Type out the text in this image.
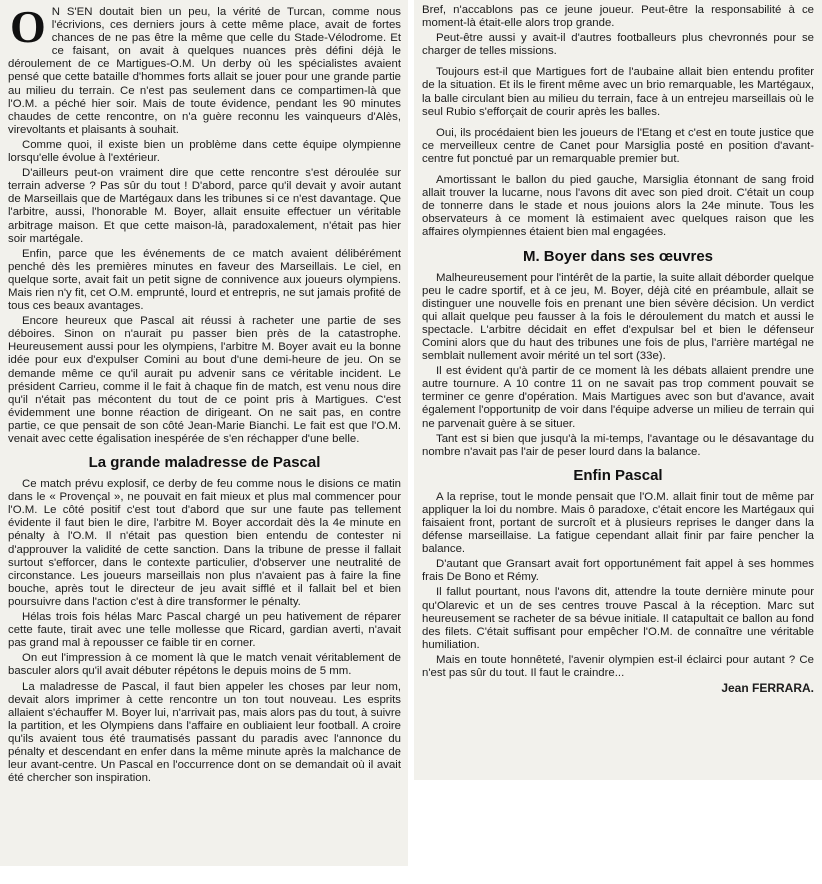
O N S'EN doutait bien un peu, la vérité de Turcan, comme nous l'écrivions, ces derniers jours à cette même place, avait de fortes chances de ne pas être la même que celle du Stade-Vélodrome. Et ce faisant, on avait à quelques nuances près défini déjà le déroulement de ce Martigues-O.M. Un derby où les spécialistes avaient pensé que cette bataille d'hommes forts allait se jouer pour une grande partie au milieu du terrain. Ce n'est pas seulement dans ce compartimen-là que l'O.M. a péché hier soir. Mais de toute évidence, pendant les 90 minutes chaudes de cette rencontre, on n'a guère reconnu les vainqueurs d'Alès, virevoltants et plaisants à souhait.

Comme quoi, il existe bien un problème dans cette équipe olympienne lorsqu'elle évolue à l'extérieur.

D'ailleurs peut-on vraiment dire que cette rencontre s'est déroulée sur terrain adverse ? Pas sûr du tout ! D'abord, parce qu'il devait y avoir autant de Marseillais que de Martégaux dans les tribunes si ce n'est davantage. Que l'arbitre, aussi, l'honorable M. Boyer, allait ensuite effectuer un véritable arbitrage maison. Et que cette maison-là, paradoxalement, n'était pas hier soir martégale.

Enfin, parce que les événements de ce match avaient délibérément penché dès les premières minutes en faveur des Marseillais. Le ciel, en quelque sorte, avait fait un petit signe de connivence aux joueurs olympiens. Mais rien n'y fit, cet O.M. emprunté, lourd et entrepris, ne sut jamais profité de tous ces beaux avantages.

Encore heureux que Pascal ait réussi à racheter une partie de ses déboires. Sinon on n'aurait pu passer bien près de la catastrophe. Heureusement aussi pour les olympiens, l'arbitre M. Boyer avait eu la bonne idée pour eux d'expulser Comini au bout d'une demi-heure de jeu. On se demande même ce qu'il aurait pu advenir sans ce véritable incident. Le président Carrieu, comme il le fait à chaque fin de match, est venu nous dire qu'il n'était pas mécontent du tout de ce point pris à Martigues. C'est évidemment une bonne réaction de dirigeant. On ne sait pas, en contre partie, ce que pensait de son côté Jean-Marie Bianchi. Le fait est que l'O.M. venait avec cette égalisation inespérée de s'en réchapper d'une belle.

La grande maladresse de Pascal

Ce match prévu explosif, ce derby de feu comme nous le disions ce matin dans le « Provençal », ne pouvait en fait mieux et plus mal commencer pour l'O.M. Le côté positif c'est tout d'abord que sur une faute pas tellement évidente il faut bien le dire, l'arbitre M. Boyer accordait dès la 4e minute en pénalty à l'O.M. Il n'était pas question bien entendu de contester ni d'approuver la validité de cette sanction. Dans la tribune de presse il fallait surtout s'efforcer, dans le contexte particulier, d'observer une neutralité de circonstance. Les joueurs marseillais non plus n'avaient pas à faire la fine bouche, après tout le directeur de jeu avait sifflé et il fallait bel et bien poursuivre dans l'action c'est à dire transformer le pénalty.

Hélas trois fois hélas Marc Pascal chargé un peu hativement de réparer cette faute, tirait avec une telle mollesse que Ricard, gardian averti, n'avait pas grand mal à repousser ce faible tir en corner.

On eut l'impression à ce moment là que le match venait véritablement de basculer alors qu'il avait débuter répétons le depuis moins de 5 mm.

La maladresse de Pascal, il faut bien appeler les choses par leur nom, devait alors imprimer à cette rencontre un ton tout nouveau. Les esprits allaient s'échauffer M. Boyer lui, n'arrivait pas, mais alors pas du tout, à suivre la partition, et les Olympiens dans l'affaire en oubliaient leur football. A croire qu'ils avaient tous été traumatisés passant du paradis avec l'annonce du pénalty et descendant en enfer dans la même minute après la malchance de leur avant-centre. Un Pascal en l'occurrence dont on se demandait où il avait été chercher son inspiration.

Bref, n'accablons pas ce jeune joueur. Peut-être la responsabilité à ce moment-là était-elle alors trop grande.

Peut-être aussi y avait-il d'autres footballeurs plus chevronnés pour se charger de telles missions.

Toujours est-il que Martigues fort de l'aubaine allait bien entendu profiter de la situation. Et ils le firent même avec un brio remarquable, les Martégaux, la balle circulant bien au milieu du terrain, face à un entrejeu marseillais où le seul Rubio s'efforçait de courir après les balles.

Oui, ils procédaient bien les joueurs de l'Etang et c'est en toute justice que ce merveilleux centre de Canet pour Marsiglia posté en position d'avant-centre fut ponctué par un remarquable premier but.

Amortissant le ballon du pied gauche, Marsiglia étonnant de sang froid allait trouver la lucarne, nous l'avons dit avec son pied droit. C'était un coup de tonnerre dans le stade et nous jouions alors la 24e minute. Tous les observateurs à ce moment là estimaient avec quelques raison que les affaires olympiennes étaient bien mal engagées.

M. Boyer dans ses œuvres

Malheureusement pour l'intérêt de la partie, la suite allait déborder quelque peu le cadre sportif, et à ce jeu, M. Boyer, déjà cité en préambule, allait se distinguer une nouvelle fois en prenant une bien sévère décision. Un verdict qui allait quelque peu fausser à la fois le déroulement du match et aussi le spectacle. L'arbitre décidait en effet d'expulsar bel et bien le défenseur Comini alors que du haut des tribunes une fois de plus, l'arrière martégal ne semblait nullement avoir mérité un tel sort (33e).

Il est évident qu'à partir de ce moment là les débats allaient prendre une autre tournure. A 10 contre 11 on ne savait pas trop comment pouvait se terminer ce genre d'opération. Mais Martigues avec son but d'avance, avait également l'opportunitp de voir dans l'équipe adverse un milieu de terrain qui ne parvenait guère à se situer.

Tant est si bien que jusqu'à la mi-temps, l'avantage ou le désavantage du nombre n'avait pas l'air de peser lourd dans la balance.

Enfin Pascal

A la reprise, tout le monde pensait que l'O.M. allait finir tout de même par appliquer la loi du nombre. Mais ô paradoxe, c'était encore les Martégaux qui faisaient front, portant de surcroît et à plusieurs reprises le danger dans la défense marseillaise. La fatigue cependant allait finir par faire pencher la balance.

D'autant que Gransart avait fort opportunément fait appel à ses hommes frais De Bono et Rémy.

Il fallut pourtant, nous l'avons dit, attendre la toute dernière minute pour qu'Olarevic et un de ses centres trouve Pascal à la réception. Marc sut heureusement se racheter de sa bévue initiale. Il catapultait ce ballon au fond des filets. C'était suffisant pour empêcher l'O.M. de connaître une véritable humiliation.

Mais en toute honnêteté, l'avenir olympien est-il éclairci pour autant ? Ce n'est pas sûr du tout. Il faut le craindre...

Jean FERRARA.
